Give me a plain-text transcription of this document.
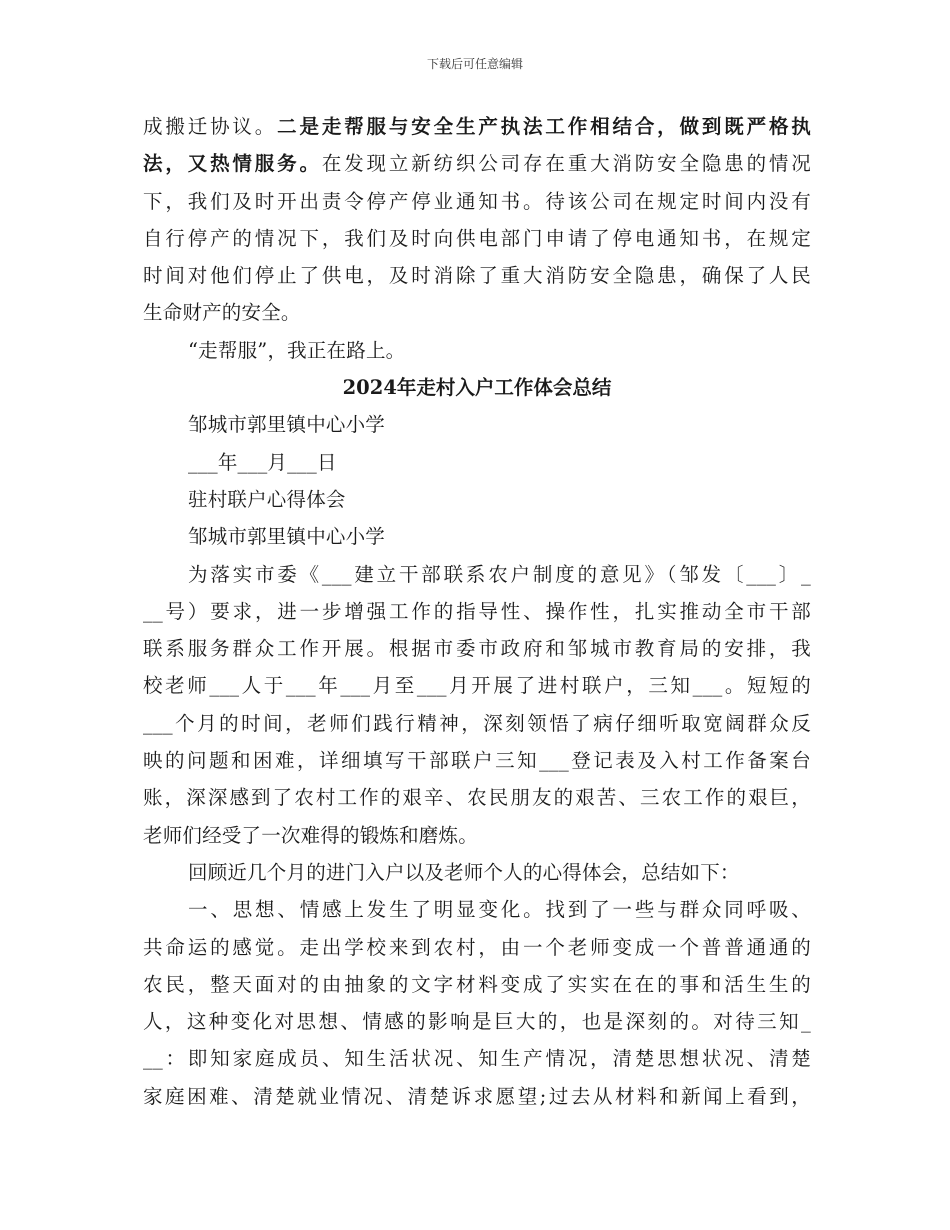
下载后可任意编辑
成搬迁协议。二是走帮服与安全生产执法工作相结合，做到既严格执
法，又热情服务。在发现立新纺织公司存在重大消防安全隐患的情况
下，我们及时开出责令停产停业通知书。待该公司在规定时间内没有
自行停产的情况下，我们及时向供电部门申请了停电通知书，在规定
时间对他们停止了供电，及时消除了重大消防安全隐患，确保了人民
生命财产的安全。
“走帮服”，我正在路上。
2024年走村入户工作体会总结
邹城市郭里镇中心小学
___年___月___日
驻村联户心得体会
邹城市郭里镇中心小学
为落实市委《___建立干部联系农户制度的意见》（邹发〔___〕_
__号）要求，进一步增强工作的指导性、操作性，扎实推动全市干部
联系服务群众工作开展。根据市委市政府和邹城市教育局的安排，我
校老师___人于___年___月至___月开展了进村联户，三知___。短短的
___个月的时间，老师们践行精神，深刻领悟了病仔细听取宽阔群众反
映的问题和困难，详细填写干部联户三知___登记表及入村工作备案台
账，深深感到了农村工作的艰辛、农民朋友的艰苦、三农工作的艰巨，
老师们经受了一次难得的锻炼和磨炼。
回顾近几个月的进门入户以及老师个人的心得体会，总结如下：
一、思想、情感上发生了明显变化。找到了一些与群众同呼吸、
共命运的感觉。走出学校来到农村，由一个老师变成一个普普通通的
农民，整天面对的由抽象的文字材料变成了实实在在的事和活生生的
人，这种变化对思想、情感的影响是巨大的，也是深刻的。对待三知_
__：即知家庭成员、知生活状况、知生产情况，清楚思想状况、清楚
家庭困难、清楚就业情况、清楚诉求愿望;过去从材料和新闻上看到，
